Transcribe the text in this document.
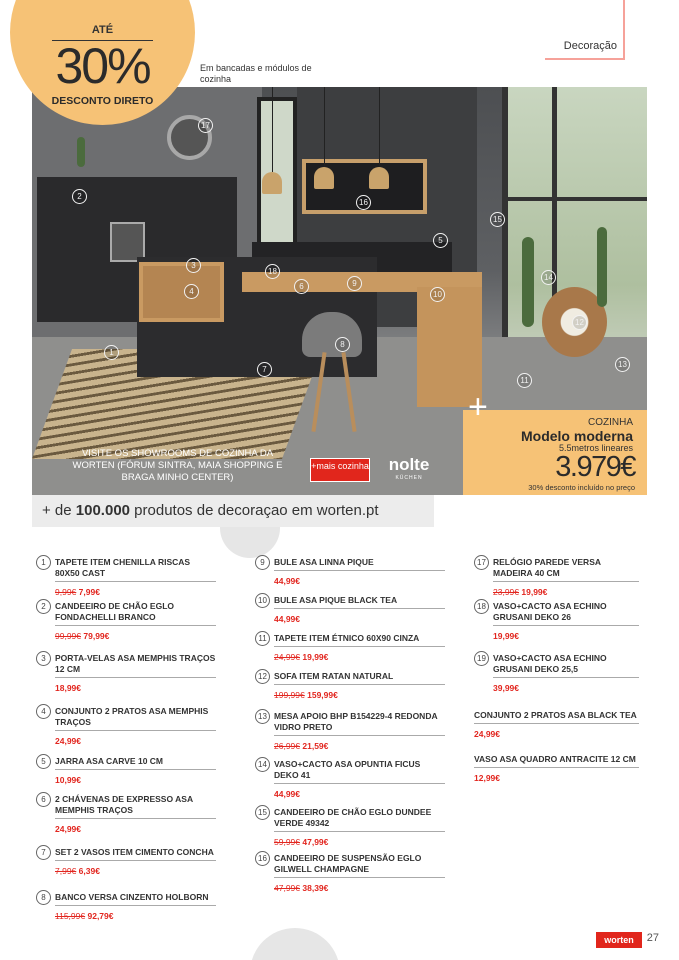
ATÉ
30%
DESCONTO DIRETO
Em bancadas e módulos de cozinha
Decoração
1
2
3
4
5
6
7
8
9
10
11
12
13
14
15
16
17
18
VISITE OS SHOWROOMS DE COZINHA DA WORTEN (FÓRUM SINTRA, MAIA SHOPPING E BRAGA MINHO CENTER)
+mais cozinha	nolte
KÜCHEN
+	COZINHA
Modelo moderna
5.5metros lineares
3.979€
30% desconto incluído no preço
+ de 100.000 produtos de decoraçao em worten.pt
1	TAPETE ITEM CHENILLA RISCAS 80X50 CAST
9,99€ 7,99€
2	CANDEEIRO DE CHÃO EGLO FONDACHELLI BRANCO
99,99€ 79,99€
3	PORTA-VELAS ASA MEMPHIS TRAÇOS 12 CM
18,99€
4	CONJUNTO 2 PRATOS ASA MEMPHIS TRAÇOS
24,99€
5	JARRA ASA CARVE 10 CM
10,99€
6	2 CHÁVENAS DE EXPRESSO ASA MEMPHIS TRAÇOS
24,99€
7	SET 2 VASOS ITEM CIMENTO CONCHA
7,99€ 6,39€
8	BANCO VERSA CINZENTO HOLBORN
115,99€ 92,79€
9	BULE ASA LINNA PIQUE
44,99€
10 BULE ASA PIQUE BLACK TEA
44,99€
11 TAPETE ITEM ÉTNICO 60X90 CINZA
24,99€ 19,99€
12 SOFA ITEM RATAN NATURAL
199,99€ 159,99€
13 MESA APOIO BHP B154229-4 REDONDA VIDRO PRETO
26,99€ 21,59€
14 VASO+CACTO ASA OPUNTIA FICUS DEKO 41
44,99€
15 CANDEEIRO DE CHÃO EGLO DUNDEE VERDE 49342
59,99€ 47,99€
16 CANDEEIRO DE SUSPENSÃO EGLO GILWELL CHAMPAGNE
47,99€ 38,39€
17 RELÓGIO PAREDE VERSA MADEIRA 40 CM
23,99€ 19,99€
18 VASO+CACTO ASA ECHINO GRUSANI DEKO 26
19,99€
19 VASO+CACTO ASA ECHINO GRUSANI DEKO 25,5
39,99€
CONJUNTO 2 PRATOS ASA BLACK TEA
24,99€
VASO ASA QUADRO ANTRACITE 12 CM
12,99€
worten	27
